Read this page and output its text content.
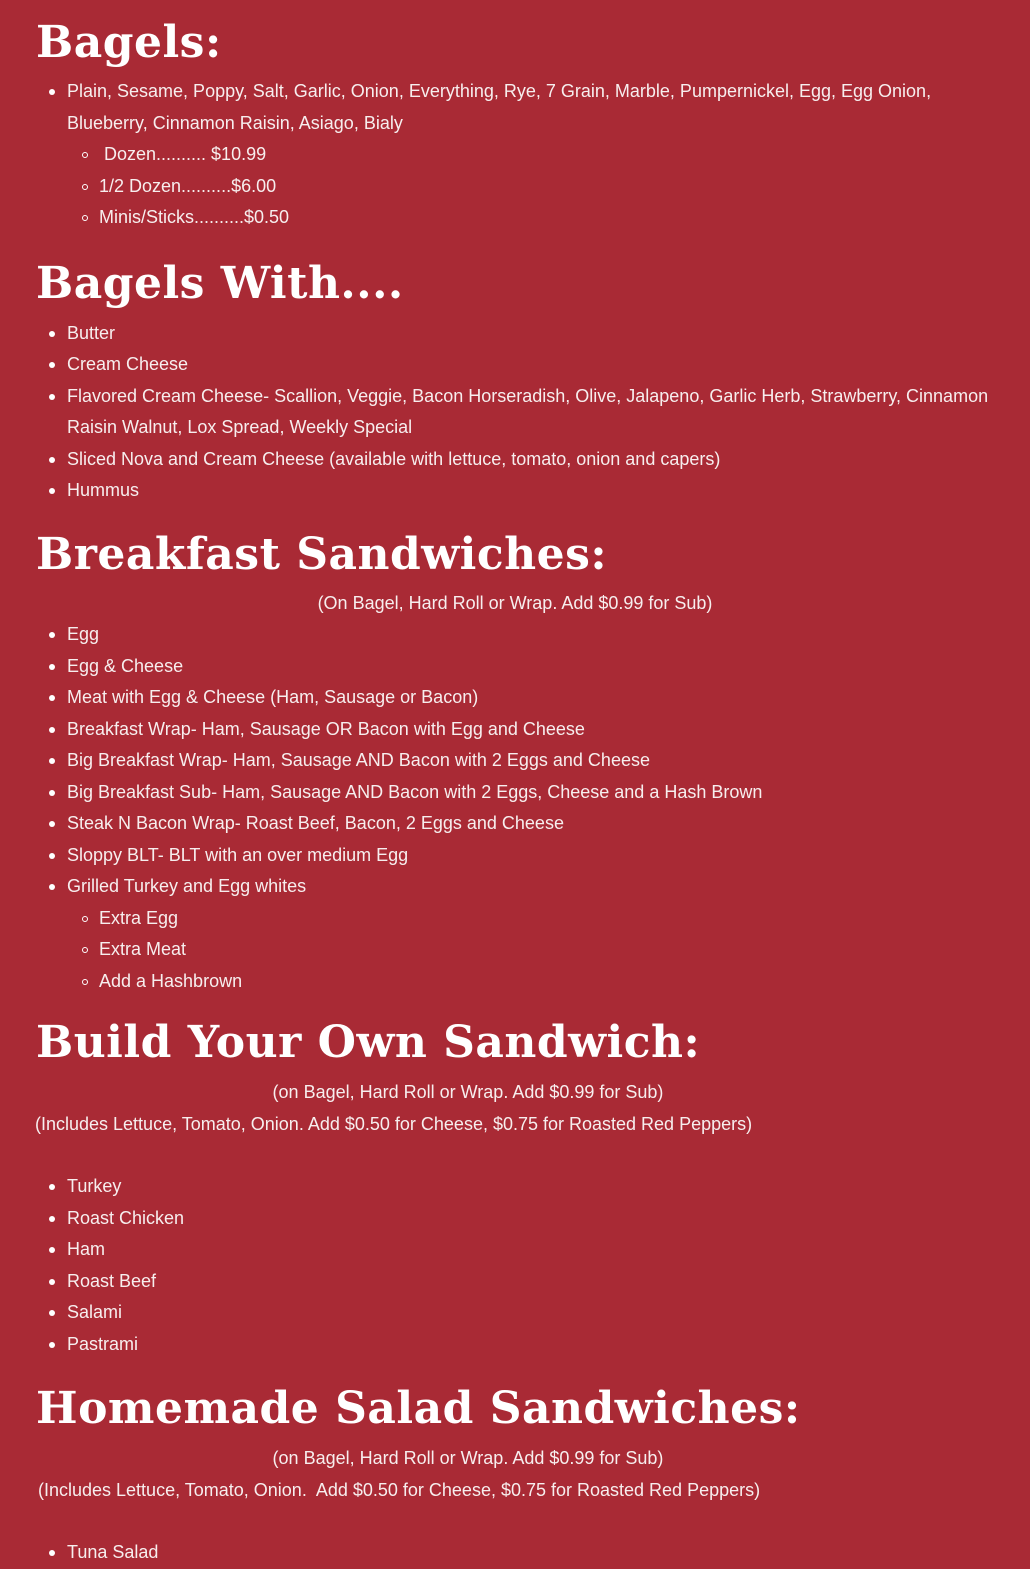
Bagels:
Plain, Sesame, Poppy, Salt, Garlic, Onion, Everything, Rye, 7 Grain, Marble, Pumpernickel, Egg, Egg Onion,
Blueberry, Cinnamon Raisin, Asiago, Bialy
Dozen.......... $10.99
1/2 Dozen..........$6.00
Minis/Sticks..........$0.50
Bagels With....
Butter
Cream Cheese
Flavored Cream Cheese- Scallion, Veggie, Bacon Horseradish, Olive, Jalapeno, Garlic Herb, Strawberry, Cinnamon
Raisin Walnut, Lox Spread, Weekly Special
Sliced Nova and Cream Cheese (available with lettuce, tomato, onion and capers)
Hummus
Breakfast Sandwiches:
(On Bagel, Hard Roll or Wrap. Add $0.99 for Sub)
Egg
Egg & Cheese
Meat with Egg & Cheese (Ham, Sausage or Bacon)
Breakfast Wrap- Ham, Sausage OR Bacon with Egg and Cheese
Big Breakfast Wrap- Ham, Sausage AND Bacon with 2 Eggs and Cheese
Big Breakfast Sub- Ham, Sausage AND Bacon with 2 Eggs, Cheese and a Hash Brown
Steak N Bacon Wrap- Roast Beef, Bacon, 2 Eggs and Cheese
Sloppy BLT- BLT with an over medium Egg
Grilled Turkey and Egg whites
Extra Egg
Extra Meat
Add a Hashbrown
Build Your Own Sandwich:
(on Bagel, Hard Roll or Wrap. Add $0.99 for Sub)
(Includes Lettuce, Tomato, Onion. Add $0.50 for Cheese, $0.75 for Roasted Red Peppers)
Turkey
Roast Chicken
Ham
Roast Beef
Salami
Pastrami
Homemade Salad Sandwiches:
(on Bagel, Hard Roll or Wrap. Add $0.99 for Sub)
(Includes Lettuce, Tomato, Onion.  Add $0.50 for Cheese, $0.75 for Roasted Red Peppers)
Tuna Salad
